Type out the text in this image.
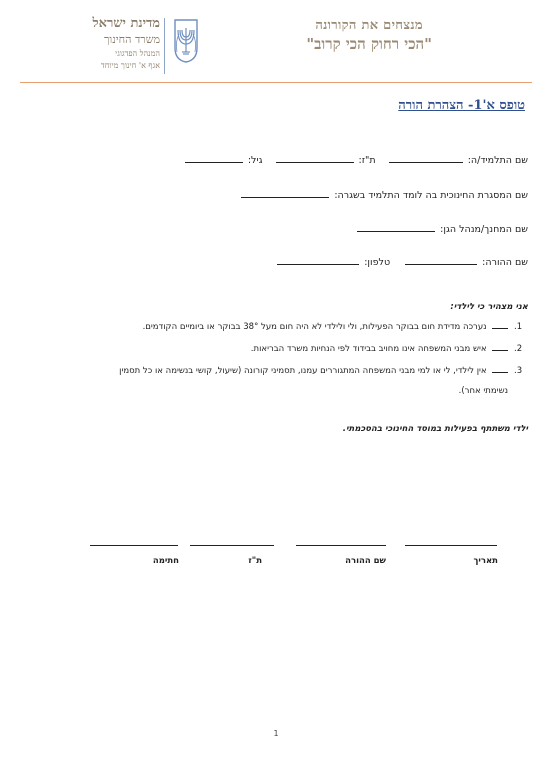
מנצחים את הקורונה
"הכי רחוק הכי קרוב"
מדינת ישראל
משרד החינוך
המנהל הפדגוגי
אגף א' חינוך מיוחד
טופס א'1- הצהרת הורה
שם התלמיד/ה:  ת"ז:  גיל:
שם המסגרת החינוכית בה לומד התלמיד בשגרה:
שם המחנך/מנהל הגן:
שם ההורה:  טלפון:
אני מצהיר כי לילדי:
1.  נערכה מדידת חום בבוקר הפעילות, ולי ולילדי לא היה חום מעל 38° בבוקר או ביומיים הקודמים.
2.  איש מבני המשפחה אינו מחויב בבידוד לפי הנחיות משרד הבריאות.
3.  אין לילדי, לי או למי מבני המשפחה המתגוררים עמנו, תסמיני קורונה (שיעול, קושי בנשימה או כל תסמין
נשימתי אחר).
ילדי משתתף בפעילות במוסד החינוכי בהסכמתי.
תאריך
שם ההורה
ת"ז
חתימה
1
